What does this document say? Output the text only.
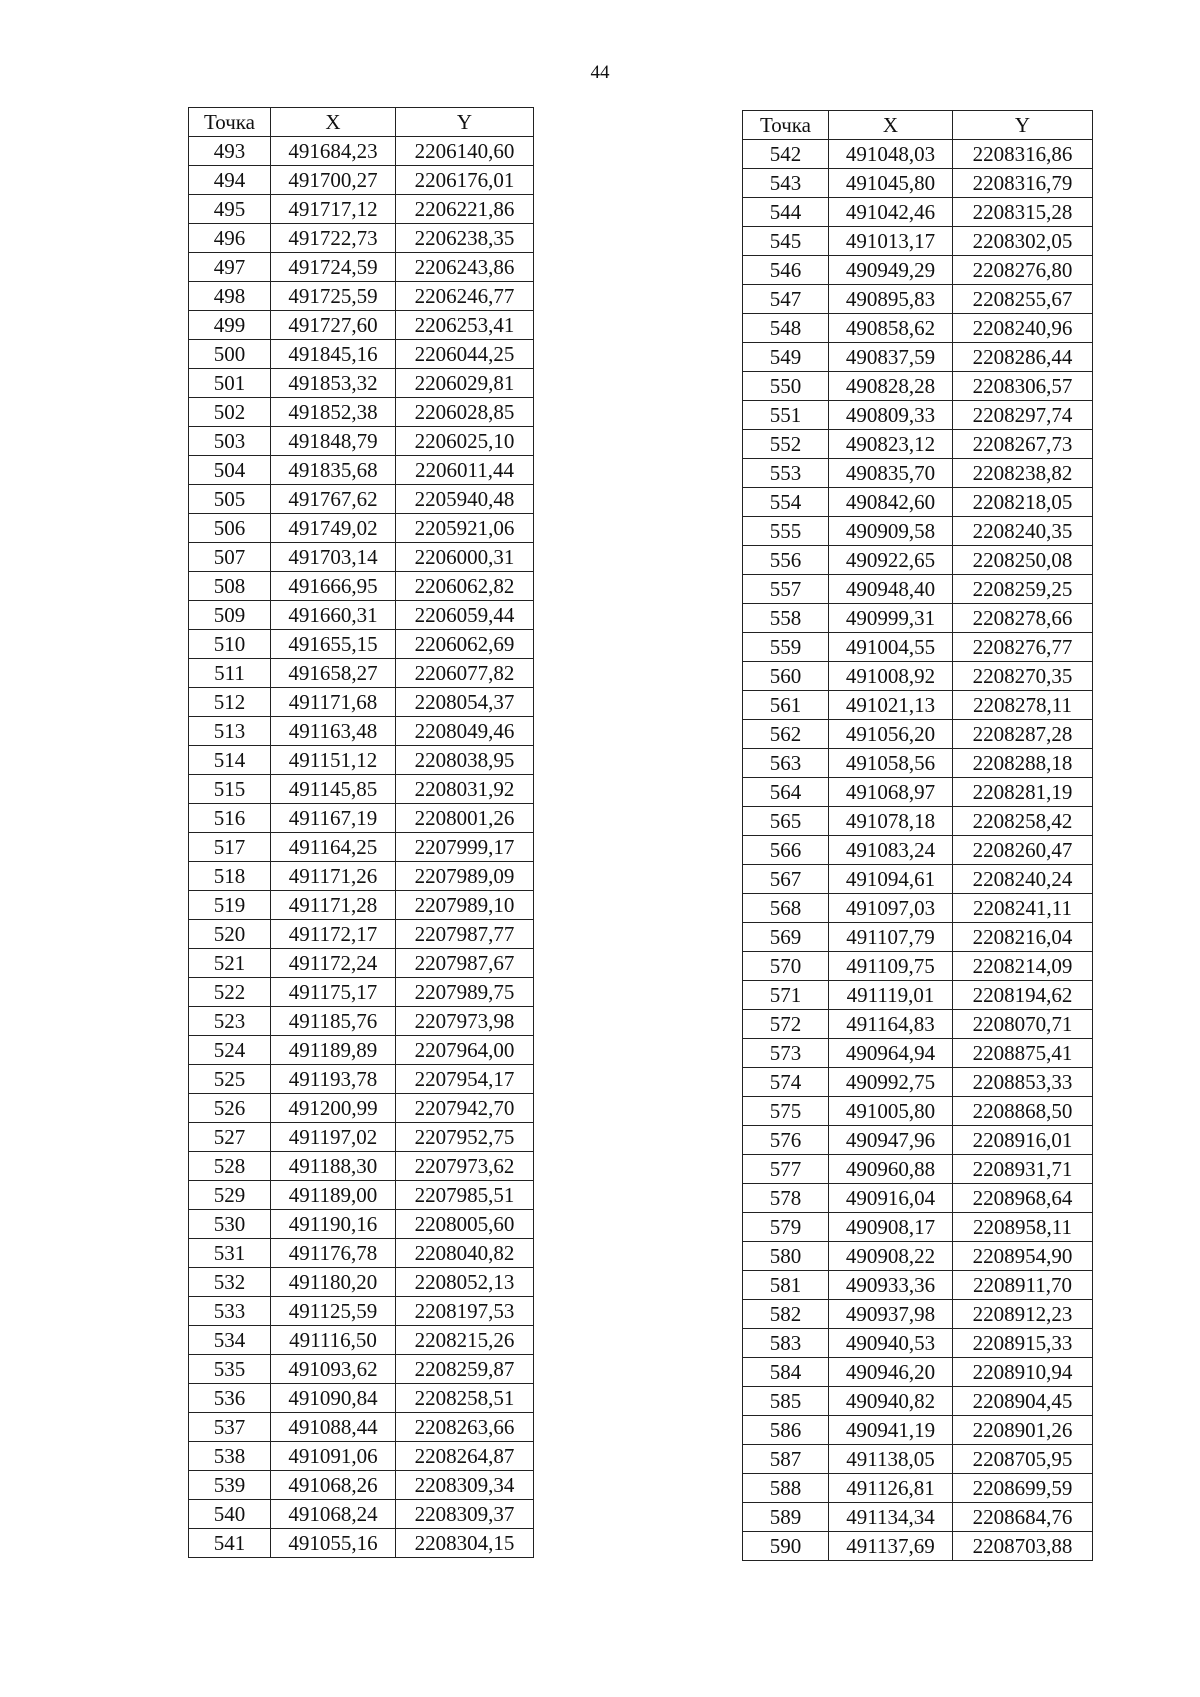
44
Точка	X	Y
493	491684,23	2206140,60
494	491700,27	2206176,01
495	491717,12	2206221,86
496	491722,73	2206238,35
497	491724,59	2206243,86
498	491725,59	2206246,77
499	491727,60	2206253,41
500	491845,16	2206044,25
501	491853,32	2206029,81
502	491852,38	2206028,85
503	491848,79	2206025,10
504	491835,68	2206011,44
505	491767,62	2205940,48
506	491749,02	2205921,06
507	491703,14	2206000,31
508	491666,95	2206062,82
509	491660,31	2206059,44
510	491655,15	2206062,69
511	491658,27	2206077,82
512	491171,68	2208054,37
513	491163,48	2208049,46
514	491151,12	2208038,95
515	491145,85	2208031,92
516	491167,19	2208001,26
517	491164,25	2207999,17
518	491171,26	2207989,09
519	491171,28	2207989,10
520	491172,17	2207987,77
521	491172,24	2207987,67
522	491175,17	2207989,75
523	491185,76	2207973,98
524	491189,89	2207964,00
525	491193,78	2207954,17
526	491200,99	2207942,70
527	491197,02	2207952,75
528	491188,30	2207973,62
529	491189,00	2207985,51
530	491190,16	2208005,60
531	491176,78	2208040,82
532	491180,20	2208052,13
533	491125,59	2208197,53
534	491116,50	2208215,26
535	491093,62	2208259,87
536	491090,84	2208258,51
537	491088,44	2208263,66
538	491091,06	2208264,87
539	491068,26	2208309,34
540	491068,24	2208309,37
541	491055,16	2208304,15
Точка	X	Y
542	491048,03	2208316,86
543	491045,80	2208316,79
544	491042,46	2208315,28
545	491013,17	2208302,05
546	490949,29	2208276,80
547	490895,83	2208255,67
548	490858,62	2208240,96
549	490837,59	2208286,44
550	490828,28	2208306,57
551	490809,33	2208297,74
552	490823,12	2208267,73
553	490835,70	2208238,82
554	490842,60	2208218,05
555	490909,58	2208240,35
556	490922,65	2208250,08
557	490948,40	2208259,25
558	490999,31	2208278,66
559	491004,55	2208276,77
560	491008,92	2208270,35
561	491021,13	2208278,11
562	491056,20	2208287,28
563	491058,56	2208288,18
564	491068,97	2208281,19
565	491078,18	2208258,42
566	491083,24	2208260,47
567	491094,61	2208240,24
568	491097,03	2208241,11
569	491107,79	2208216,04
570	491109,75	2208214,09
571	491119,01	2208194,62
572	491164,83	2208070,71
573	490964,94	2208875,41
574	490992,75	2208853,33
575	491005,80	2208868,50
576	490947,96	2208916,01
577	490960,88	2208931,71
578	490916,04	2208968,64
579	490908,17	2208958,11
580	490908,22	2208954,90
581	490933,36	2208911,70
582	490937,98	2208912,23
583	490940,53	2208915,33
584	490946,20	2208910,94
585	490940,82	2208904,45
586	490941,19	2208901,26
587	491138,05	2208705,95
588	491126,81	2208699,59
589	491134,34	2208684,76
590	491137,69	2208703,88
